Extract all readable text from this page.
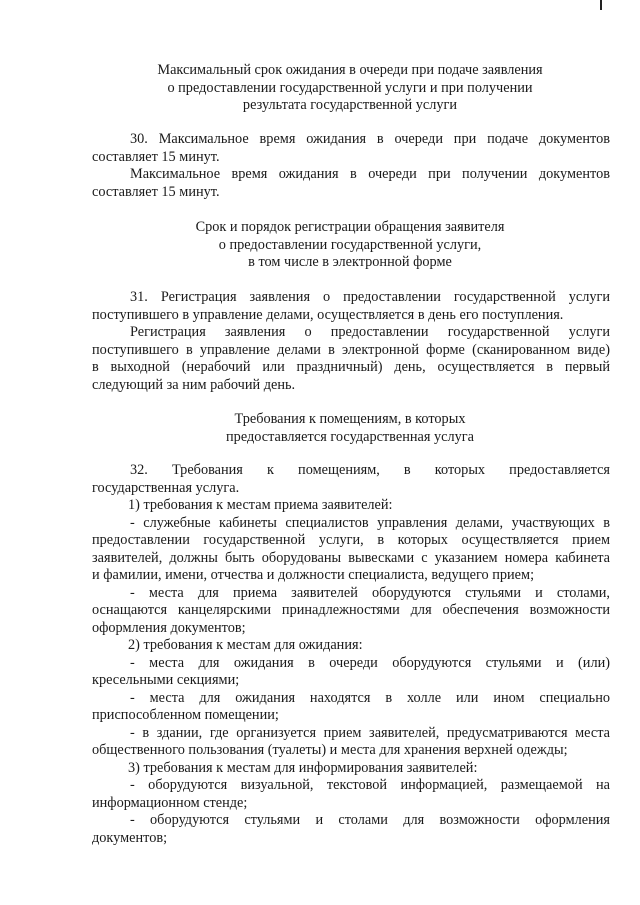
Максимальный срок ожидания в очереди при подаче заявления
о предоставлении государственной услуги и при получении
результата государственной услуги
30. Максимальное время ожидания в очереди при подаче документов
составляет 15 минут.
Максимальное время ожидания в очереди при получении документов
составляет 15 минут.
Срок и порядок регистрации обращения заявителя
о предоставлении государственной услуги,
в том числе в электронной форме
31. Регистрация заявления о предоставлении государственной услуги
поступившего в управление делами, осуществляется в день его поступления.
Регистрация заявления о предоставлении государственной услуги
поступившего в управление делами в электронной форме (сканированном виде)
в выходной (нерабочий или праздничный) день, осуществляется в первый
следующий за ним рабочий день.
Требования к помещениям, в которых
предоставляется государственная услуга
32. Требования к помещениям, в которых предоставляется
государственная услуга.
1) требования к местам приема заявителей:
- служебные кабинеты специалистов управления делами, участвующих в
предоставлении государственной услуги, в которых осуществляется прием
заявителей, должны быть оборудованы вывесками с указанием номера кабинета
и фамилии, имени, отчества и должности специалиста, ведущего прием;
- места для приема заявителей оборудуются стульями и столами,
оснащаются канцелярскими принадлежностями для обеспечения возможности
оформления документов;
2) требования к местам для ожидания:
- места для ожидания в очереди оборудуются стульями и (или)
кресельными секциями;
- места для ожидания находятся в холле или ином специально
приспособленном помещении;
- в здании, где организуется прием заявителей, предусматриваются места
общественного пользования (туалеты) и места для хранения верхней одежды;
3) требования к местам для информирования заявителей:
- оборудуются визуальной, текстовой информацией, размещаемой на
информационном стенде;
- оборудуются стульями и столами для возможности оформления
документов;
